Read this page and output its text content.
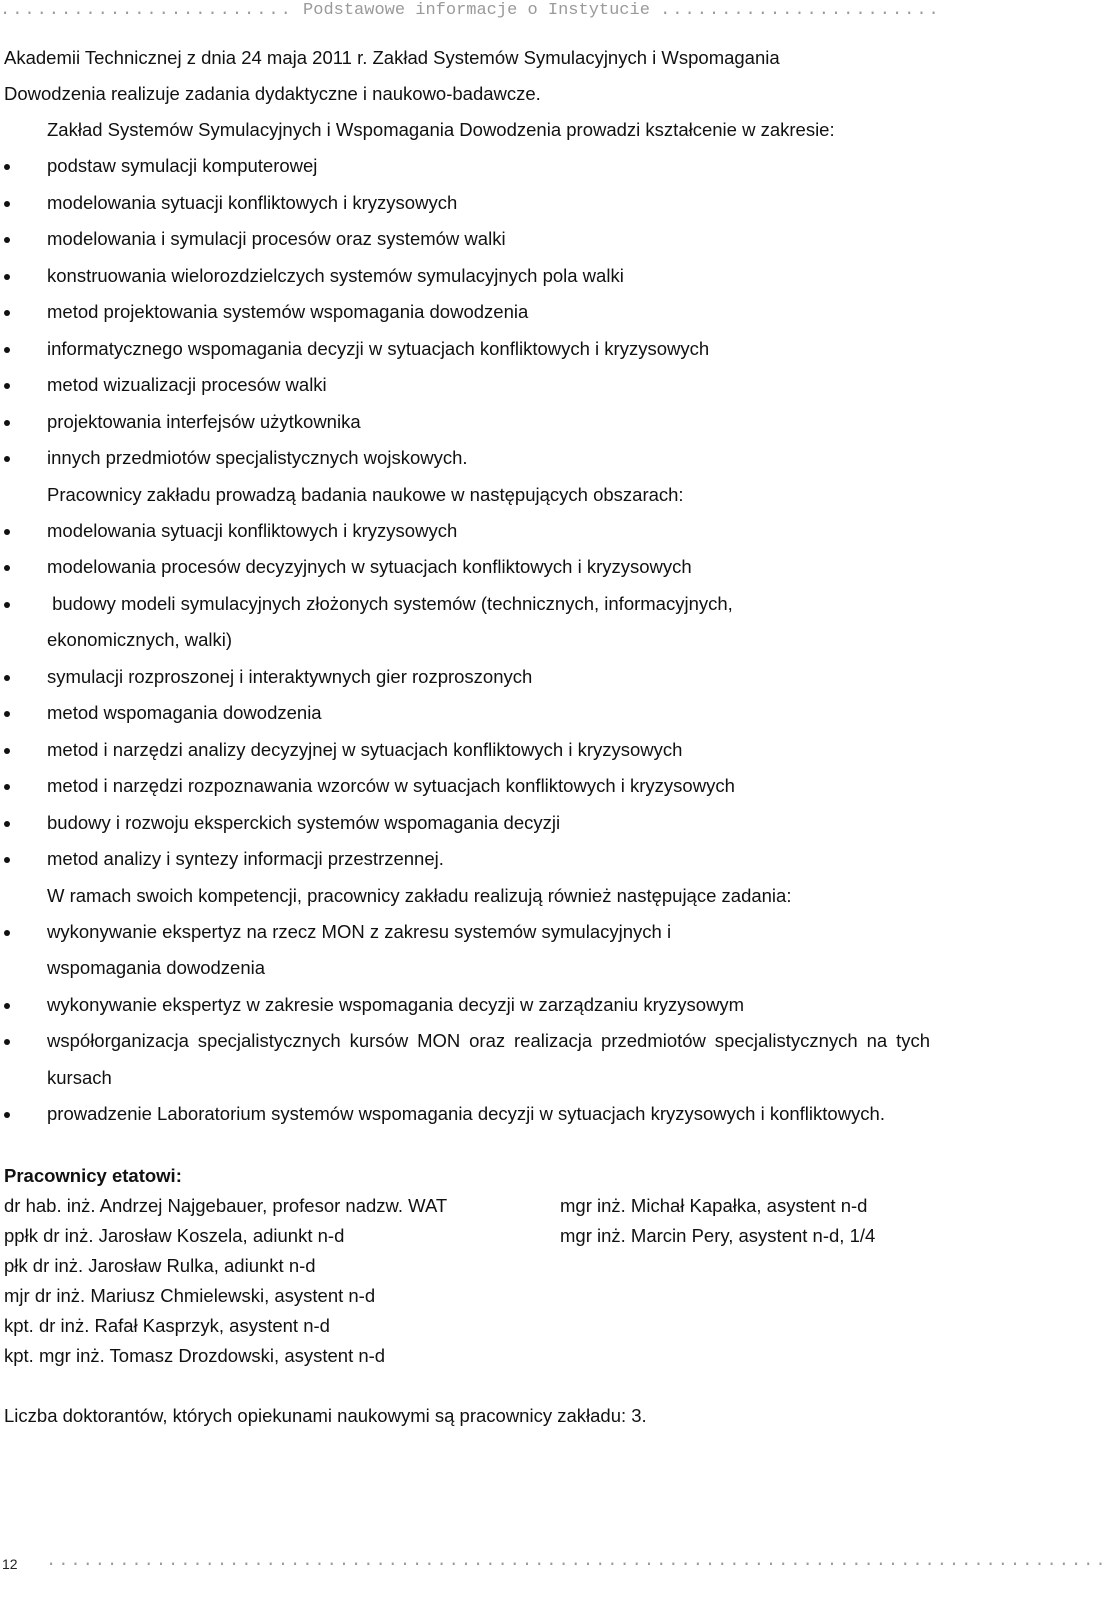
........................ Podstawowe informacje o Instytucie .......................

Akademii Technicznej z dnia 24 maja 2011 r. Zakład Systemów Symulacyjnych i Wspomagania

Dowodzenia realizuje zadania dydaktyczne i naukowo-badawcze.

Zakład Systemów Symulacyjnych i Wspomagania Dowodzenia prowadzi kształcenie w zakresie:

podstaw symulacji komputerowej
modelowania sytuacji konfliktowych i kryzysowych
modelowania i symulacji procesów oraz systemów walki
konstruowania wielorozdzielczych systemów symulacyjnych pola walki
metod projektowania systemów wspomagania dowodzenia
informatycznego wspomagania decyzji w sytuacjach konfliktowych i kryzysowych
metod wizualizacji procesów walki
projektowania interfejsów użytkownika
innych przedmiotów specjalistycznych wojskowych.

Pracownicy zakładu prowadzą badania naukowe w następujących obszarach:

modelowania sytuacji konfliktowych i kryzysowych
modelowania procesów decyzyjnych w sytuacjach konfliktowych i kryzysowych
budowy modeli symulacyjnych złożonych systemów (technicznych, informacyjnych, ekonomicznych, walki)
symulacji rozproszonej i interaktywnych gier rozproszonych
metod wspomagania dowodzenia
metod i narzędzi analizy decyzyjnej w sytuacjach konfliktowych i kryzysowych
metod i narzędzi rozpoznawania wzorców w sytuacjach konfliktowych i kryzysowych
budowy i rozwoju eksperckich systemów wspomagania decyzji
metod analizy i syntezy informacji przestrzennej.

W ramach swoich kompetencji, pracownicy zakładu realizują również następujące zadania:

wykonywanie ekspertyz na rzecz MON z zakresu systemów symulacyjnych i wspomagania dowodzenia
wykonywanie ekspertyz w zakresie wspomagania decyzji w zarządzaniu kryzysowym
współorganizacja specjalistycznych kursów MON oraz realizacja przedmiotów specjalistycznych na tych kursach
prowadzenie Laboratorium systemów wspomagania decyzji w sytuacjach kryzysowych i konfliktowych.
Pracownicy etatowi:
dr hab. inż. Andrzej Najgebauer, profesor nadzw. WAT
ppłk dr inż. Jarosław Koszela, adiunkt n-d
płk dr inż. Jarosław Rulka, adiunkt n-d
mjr dr inż. Mariusz Chmielewski, asystent n-d
kpt. dr inż. Rafał Kasprzyk, asystent n-d
kpt. mgr inż. Tomasz Drozdowski, asystent n-d
mgr inż. Michał Kapałka, asystent n-d
mgr inż. Marcin Pery, asystent n-d, 1/4
Liczba doktorantów, których opiekunami naukowymi są pracownicy zakładu: 3.
12 .......................................................................................
